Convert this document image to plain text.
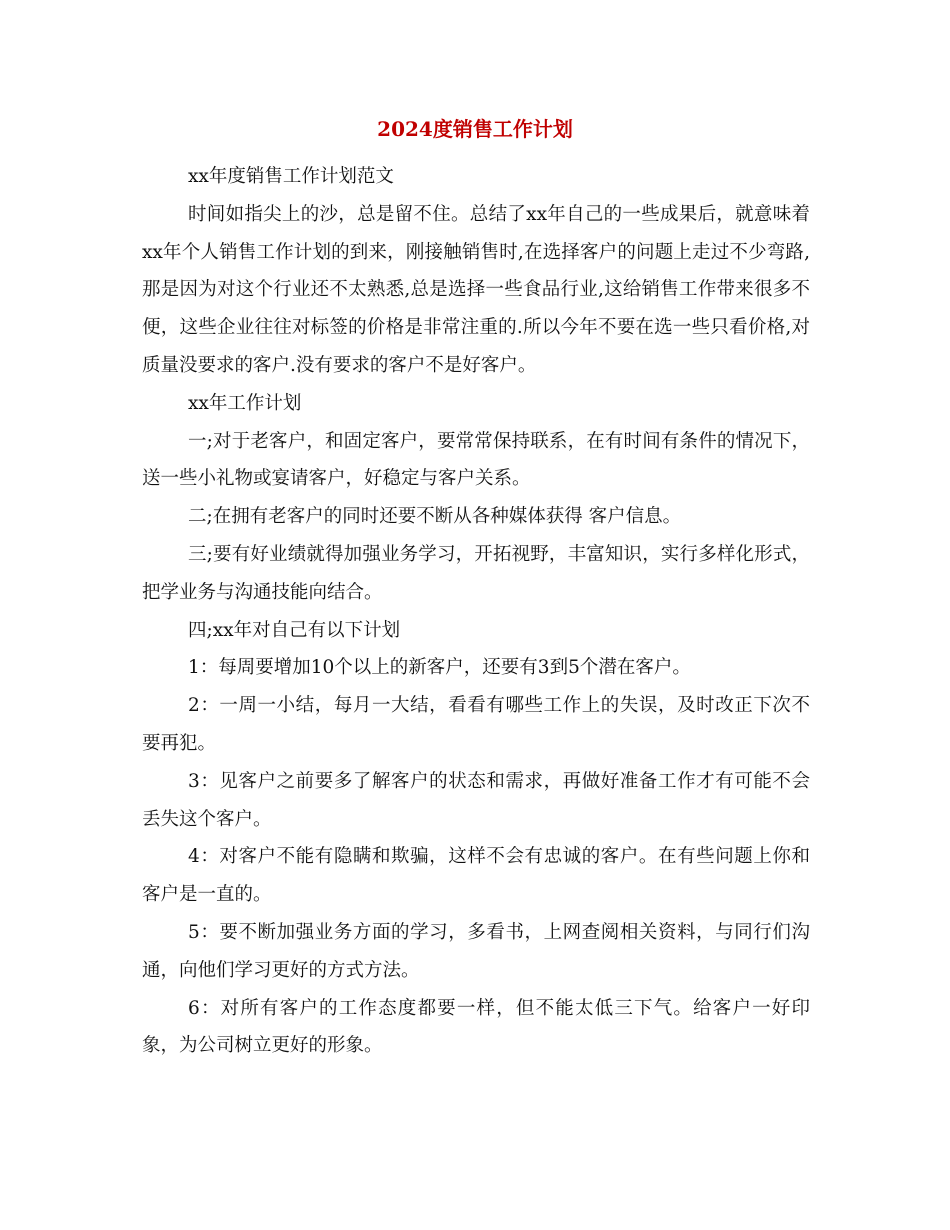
2024度销售工作计划

xx年度销售工作计划范文

时间如指尖上的沙，总是留不住。总结了xx年自己的一些成果后，就意味着xx年个人销售工作计划的到来，刚接触销售时,在选择客户的问题上走过不少弯路,那是因为对这个行业还不太熟悉,总是选择一些食品行业,这给销售工作带来很多不便，这些企业往往对标签的价格是非常注重的.所以今年不要在选一些只看价格,对质量没要求的客户.没有要求的客户不是好客户。

xx年工作计划

一;对于老客户，和固定客户，要常常保持联系，在有时间有条件的情况下，送一些小礼物或宴请客户，好稳定与客户关系。

二;在拥有老客户的同时还要不断从各种媒体获得 客户信息。

三;要有好业绩就得加强业务学习，开拓视野，丰富知识，实行多样化形式，把学业务与沟通技能向结合。

四;xx年对自己有以下计划

1：每周要增加10个以上的新客户，还要有3到5个潜在客户。

2：一周一小结，每月一大结，看看有哪些工作上的失误，及时改正下次不要再犯。

3：见客户之前要多了解客户的状态和需求，再做好准备工作才有可能不会丢失这个客户。

4：对客户不能有隐瞒和欺骗，这样不会有忠诚的客户。在有些问题上你和客户是一直的。

5：要不断加强业务方面的学习，多看书，上网查阅相关资料，与同行们沟通，向他们学习更好的方式方法。

6：对所有客户的工作态度都要一样，但不能太低三下气。给客户一好印象，为公司树立更好的形象。
